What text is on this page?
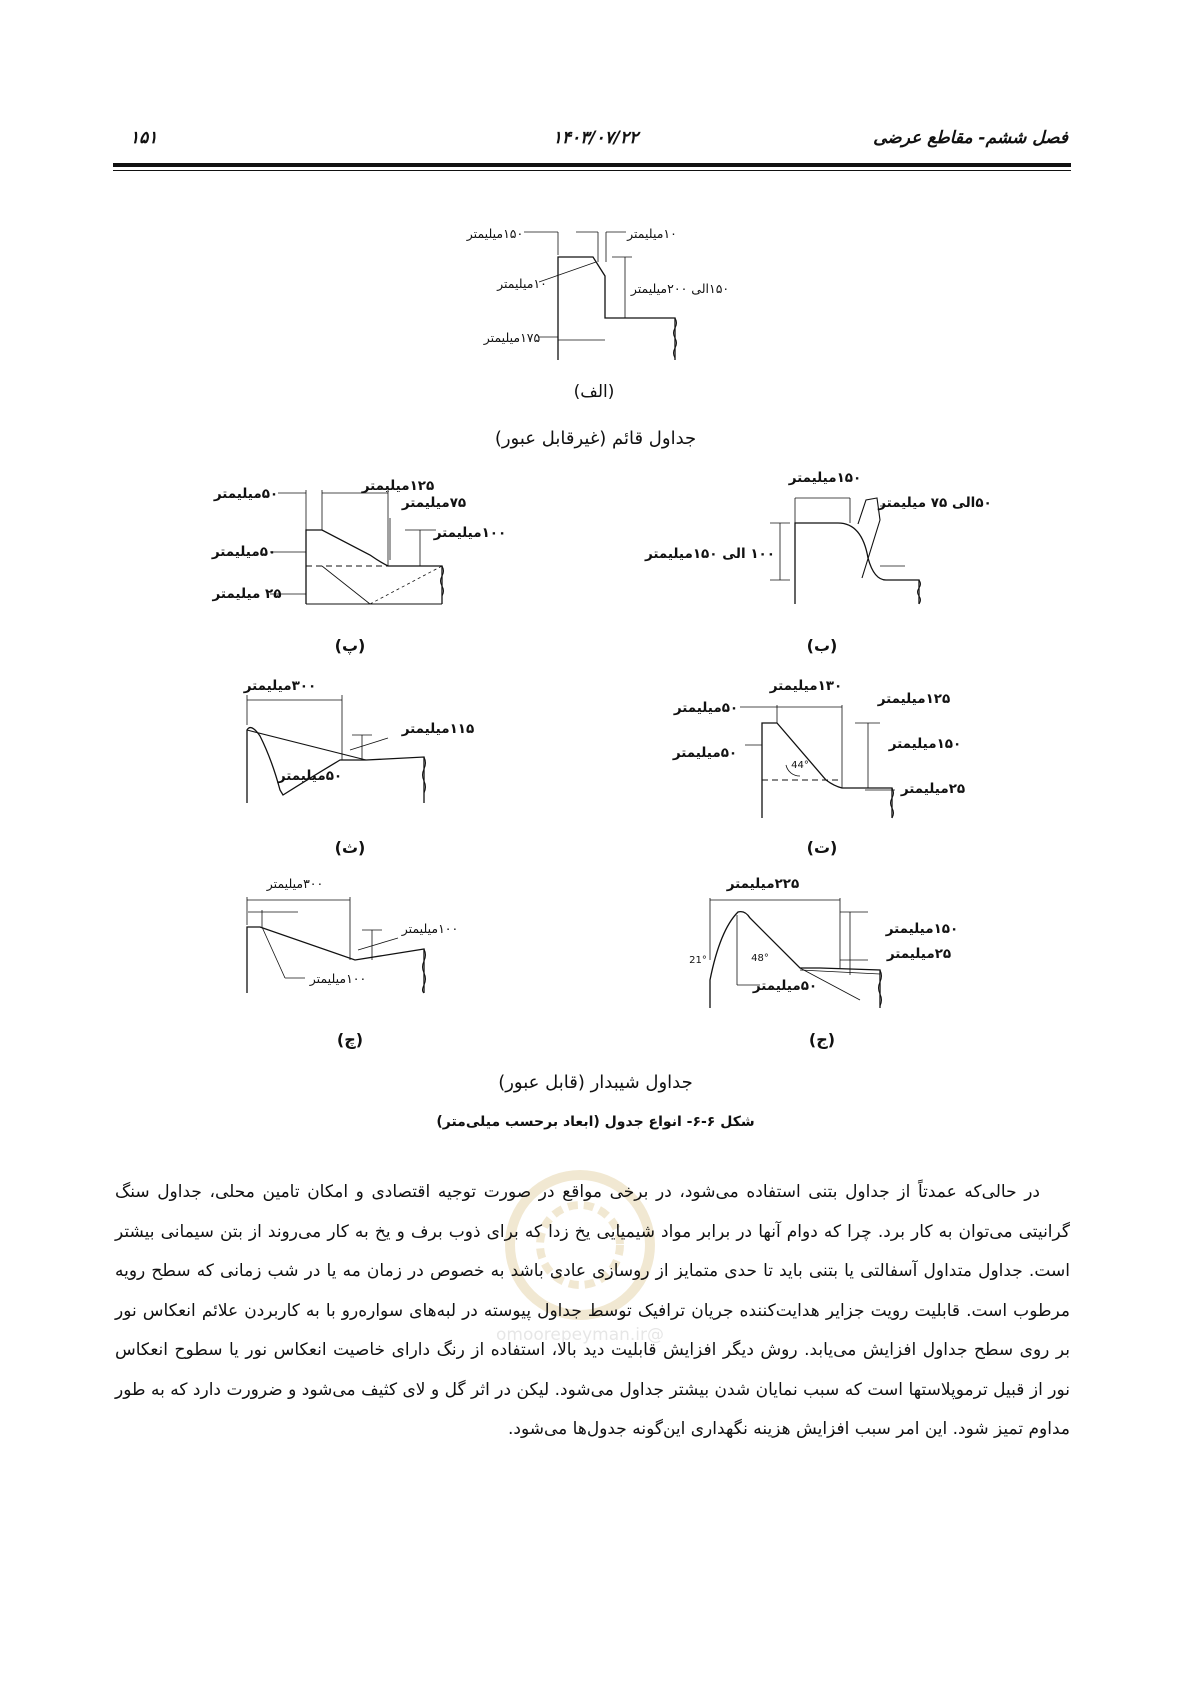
فصل ششم- مقاطع عرضی
۱۴۰۳/۰۷/۲۲
۱۵۱
۱۵۰میلیمتر	۱۰میلیمتر
۱۰میلیمتر	۱۵۰الی ۲۰۰میلیمتر
۱۷۵میلیمتر
۱۵۰میلیمتر
۵۰الی ۷۵ میلیمتر
۱۰۰ الی ۱۵۰میلیمتر
۵۰میلیمتر	۱۲۵میلیمتر
۷۵میلیمتر
۱۰۰میلیمتر
۵۰میلیمتر
۲۵ میلیمتر
۵۰میلیمتر
۱۳۰میلیمتر
۱۲۵میلیمتر
۱۵۰میلیمتر
۵۰میلیمتر
۲۵میلیمتر
44°
۳۰۰میلیمتر
۱۱۵میلیمتر
۵۰میلیمتر
۲۲۵میلیمتر
۱۵۰میلیمتر
۲۵میلیمتر
21°	48°
۵۰میلیمتر
۳۰۰میلیمتر
۱۰۰میلیمتر
۱۰۰میلیمتر
(الف)
(ب)
(پ)
(ت)
(ث)
(ج)
(چ)
جداول قائم (غیرقابل عبور)
جداول شیبدار (قابل عبور)
شکل ۶-۶- انواع جدول (ابعاد برحسب میلی‌متر)
@omoorepeyman.ir

در حالی‌که عمدتاً از جداول بتنی استفاده می‌شود، در برخی مواقع در صورت توجیه اقتصادی و امکان تامین محلی، جداول سنگ گرانیتی می‌توان به کار برد. چرا که دوام آنها در برابر مواد شیمیایی یخ زدا که برای ذوب برف و یخ به کار می‌روند از بتن سیمانی بیشتر است. جداول متداول آسفالتی یا بتنی باید تا حدی متمایز از روسازی عادی باشد به خصوص در زمان مه یا در شب زمانی که سطح رویه مرطوب است. قابلیت رویت جزایر هدایت‌کننده جریان ترافیک توسط جداول پیوسته در لبه‌های سواره‌رو با به کاربردن علائم انعکاس نور بر روی سطح جداول افزایش می‌یابد. روش دیگر افزایش قابلیت دید بالا، استفاده از رنگ دارای خاصیت انعکاس نور یا سطوح انعکاس نور از قبیل ترموپلاستها است که سبب نمایان شدن بیشتر جداول می‌شود. لیکن در اثر گل و لای کثیف می‌شود و ضرورت دارد که به طور مداوم تمیز شود. این امر سبب افزایش هزینه نگهداری این‌گونه جدول‌ها می‌شود.
